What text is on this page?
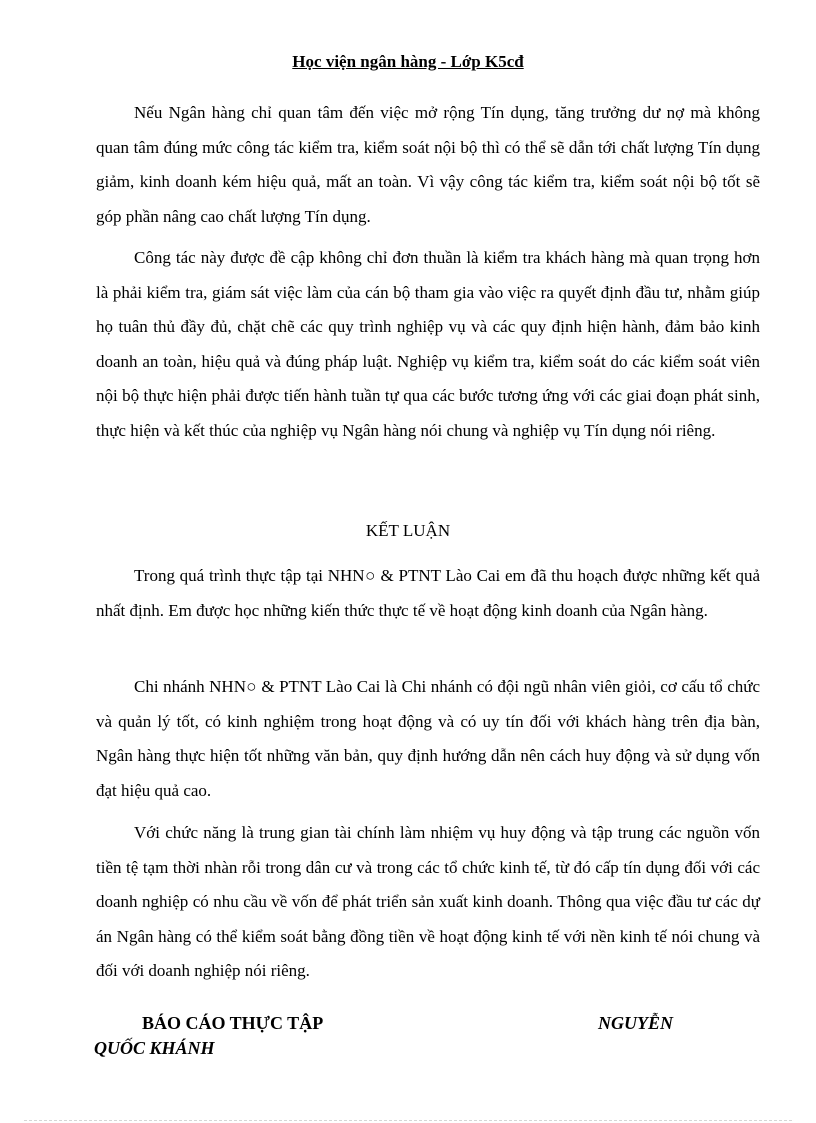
Học viện ngân hàng - Lớp K5cđ

Nếu Ngân hàng chỉ quan tâm đến việc mở rộng Tín dụng, tăng trưởng dư nợ mà không quan tâm đúng mức công tác kiểm tra, kiểm soát nội bộ thì có thể sẽ dẫn tới chất lượng Tín dụng giảm, kinh doanh kém hiệu quả, mất an toàn. Vì vậy công tác kiểm tra, kiểm soát nội bộ tốt sẽ góp phần nâng cao chất lượng Tín dụng.

Công tác này được đề cập không chỉ đơn thuần là kiểm tra khách hàng mà quan trọng hơn là phải kiểm tra, giám sát việc làm của cán bộ tham gia vào việc ra quyết định đầu tư, nhằm giúp họ tuân thủ đầy đủ, chặt chẽ các quy trình nghiệp vụ và các quy định hiện hành, đảm bảo kinh doanh an toàn, hiệu quả và đúng pháp luật. Nghiệp vụ kiểm tra, kiểm soát do các kiểm soát viên nội bộ thực hiện phải được tiến hành tuần tự qua các bước tương ứng với các giai đoạn phát sinh, thực hiện và kết thúc của nghiệp vụ Ngân hàng nói chung và nghiệp vụ Tín dụng nói riêng.

KẾT LUẬN

Trong quá trình thực tập tại NHN○ & PTNT Lào Cai em đã thu hoạch được những kết quả nhất định. Em được học những kiến thức thực tế về hoạt động kinh doanh của Ngân hàng.

Chi nhánh NHN○ & PTNT Lào Cai là Chi nhánh có đội ngũ nhân viên giỏi, cơ cấu tổ chức và quản lý tốt, có kinh nghiệm trong hoạt động và có uy tín đối với khách hàng trên địa bàn, Ngân hàng thực hiện tốt những văn bản, quy định hướng dẫn nên cách huy động và sử dụng vốn đạt hiệu quả cao.

Với chức năng là trung gian tài chính làm nhiệm vụ huy động và tập trung các nguồn vốn tiền tệ tạm thời nhàn rỗi trong dân cư và trong các tổ chức kinh tế, từ đó cấp tín dụng đối với các doanh nghiệp có nhu cầu về vốn để phát triển sản xuất kinh doanh. Thông qua việc đầu tư các dự án Ngân hàng có thể kiểm soát bằng đồng tiền về hoạt động kinh tế với nền kinh tế nói chung và đối với doanh nghiệp nói riêng.

BÁO CÁO THỰC TẬP	NGUYỄN
QUỐC KHÁNH
